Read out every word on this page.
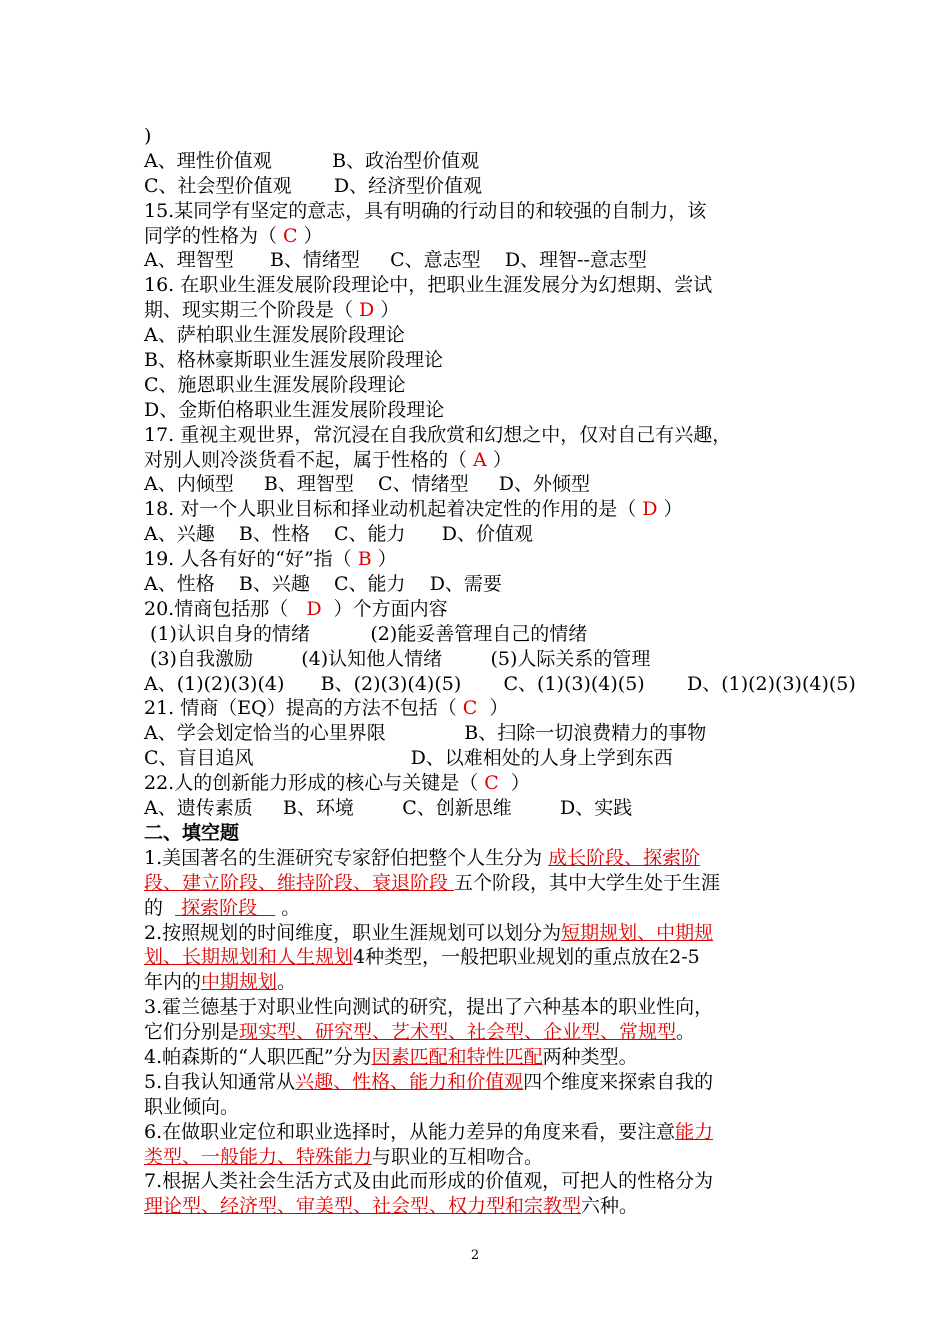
)
A、理性价值观          B、政治型价值观
C、社会型价值观       D、经济型价值观
15.某同学有坚定的意志，具有明确的行动目的和较强的自制力，该
同学的性格为（ C ）
A、理智型      B、情绪型     C、意志型    D、理智--意志型
16. 在职业生涯发展阶段理论中，把职业生涯发展分为幻想期、尝试
期、现实期三个阶段是（ D ）
A、萨柏职业生涯发展阶段理论
B、格林豪斯职业生涯发展阶段理论
C、施恩职业生涯发展阶段理论
D、金斯伯格职业生涯发展阶段理论
17. 重视主观世界，常沉浸在自我欣赏和幻想之中，仅对自己有兴趣，
对别人则冷淡货看不起，属于性格的（ A ）
A、内倾型     B、理智型    C、情绪型     D、外倾型
18. 对一个人职业目标和择业动机起着决定性的作用的是（ D ）
A、兴趣    B、性格    C、能力      D、价值观
19. 人各有好的“好”指（ B ）
A、性格    B、兴趣    C、能力    D、需要
20.情商包括那（   D  ）个方面内容
(1)认识自身的情绪          (2)能妥善管理自己的情绪
(3)自我激励        (4)认知他人情绪        (5)人际关系的管理
A、(1)(2)(3)(4)      B、(2)(3)(4)(5)       C、(1)(3)(4)(5)       D、(1)(2)(3)(4)(5)
21. 情商（EQ）提高的方法不包括（ C  ）
A、学会划定恰当的心里界限             B、扫除一切浪费精力的事物
C、盲目追风                          D、以难相处的人身上学到东西
22.人的创新能力形成的核心与关键是（ C  ）
A、遗传素质     B、环境        C、创新思维        D、实践
二、填空题
1.美国著名的生涯研究专家舒伯把整个人生分为 成长阶段、探索阶
段、建立阶段、维持阶段、衰退阶段 五个阶段，其中大学生处于生涯
的   探索阶段    。
2.按照规划的时间维度，职业生涯规划可以划分为短期规划、中期规
划、长期规划和人生规划4种类型，一般把职业规划的重点放在2-5
年内的中期规划。
3.霍兰德基于对职业性向测试的研究，提出了六种基本的职业性向，
它们分别是现实型、研究型、艺术型、社会型、企业型、常规型。
4.帕森斯的“人职匹配”分为因素匹配和特性匹配两种类型。
5.自我认知通常从兴趣、性格、能力和价值观四个维度来探索自我的
职业倾向。
6.在做职业定位和职业选择时，从能力差异的角度来看，要注意能力
类型、一般能力、特殊能力与职业的互相吻合。
7.根据人类社会生活方式及由此而形成的价值观，可把人的性格分为
理论型、经济型、审美型、社会型、权力型和宗教型六种。
2
